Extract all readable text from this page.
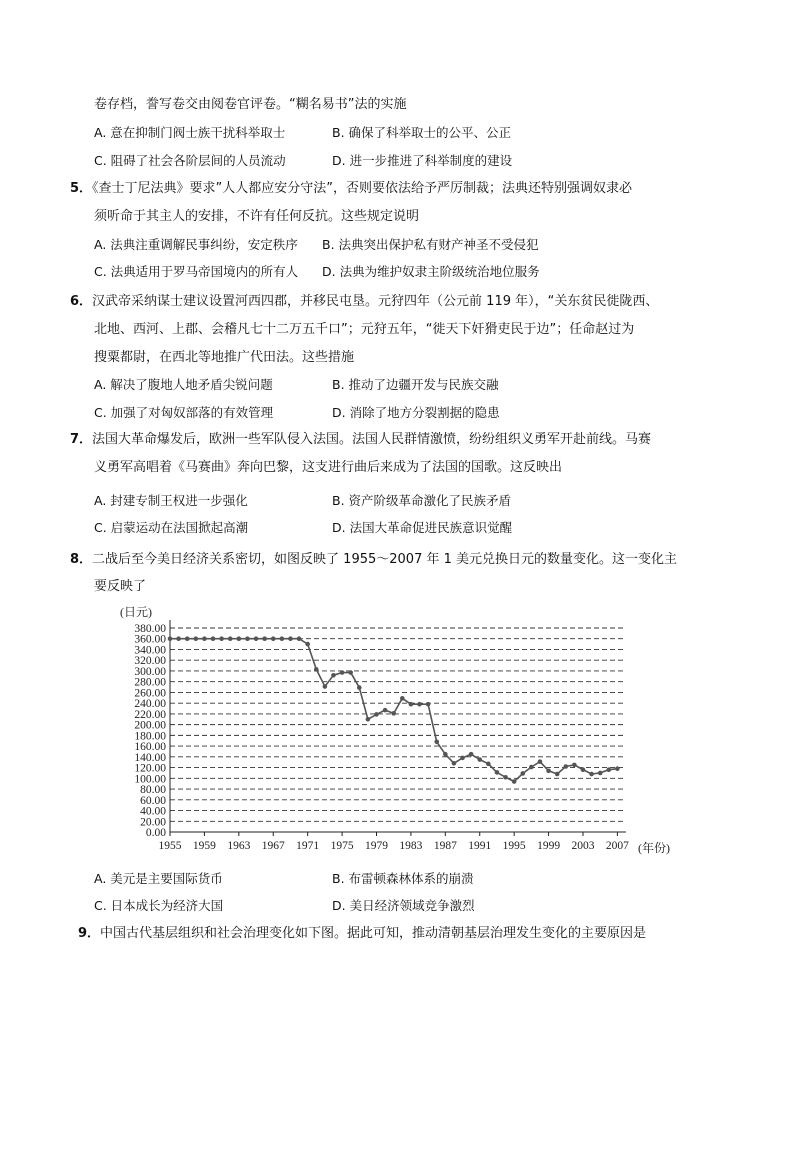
卷存档，誊写卷交由阅卷官评卷。“糊名易书”法的实施
A. 意在抑制门阀士族干扰科举取士	B. 确保了科举取士的公平、公正
C. 阻碍了社会各阶层间的人员流动	D. 进一步推进了科举制度的建设
5．《查士丁尼法典》要求”人人都应安分守法”，否则要依法给予严厉制裁；法典还特别强调奴隶必
须听命于其主人的安排，不许有任何反抗。这些规定说明
A. 法典注重调解民事纠纷，安定秩序 B. 法典突出保护私有财产神圣不受侵犯
C. 法典适用于罗马帝国境内的所有人 D. 法典为维护奴隶主阶级统治地位服务
6．汉武帝采纳谋士建议设置河西四郡，并移民屯垦。元狩四年（公元前 119 年），“关东贫民徙陇西、
北地、西河、上郡、会稽凡七十二万五千口”；元狩五年，“徙天下奸猾吏民于边”；任命赵过为
搜粟都尉，在西北等地推广代田法。这些措施
A. 解决了腹地人地矛盾尖锐问题	B. 推动了边疆开发与民族交融
C. 加强了对匈奴部落的有效管理	D. 消除了地方分裂割据的隐患
7．法国大革命爆发后，欧洲一些军队侵入法国。法国人民群情激愤，纷纷组织义勇军开赴前线。马赛
义勇军高唱着《马赛曲》奔向巴黎，这支进行曲后来成为了法国的国歌。这反映出
A. 封建专制王权进一步强化	B. 资产阶级革命激化了民族矛盾
C. 启蒙运动在法国掀起高潮	D. 法国大革命促进民族意识觉醒
8．二战后至今美日经济关系密切，如图反映了 1955～2007 年 1 美元兑换日元的数量变化。这一变化主
要反映了
(日元)
(年份)
0.00
20.00
40.00
60.00
80.00
100.00
120.00
140.00
160.00
180.00
200.00
220.00
240.00
260.00
280.00
300.00
320.00
340.00
360.00
380.00
1955 1959 1963 1967 1971 1975 1979 1983 1987 1991 1995 1999 2003 2007
A. 美元是主要国际货币	B. 布雷顿森林体系的崩溃
C. 日本成长为经济大国	D. 美日经济领域竞争激烈
9．中国古代基层组织和社会治理变化如下图。据此可知，推动清朝基层治理发生变化的主要原因是
